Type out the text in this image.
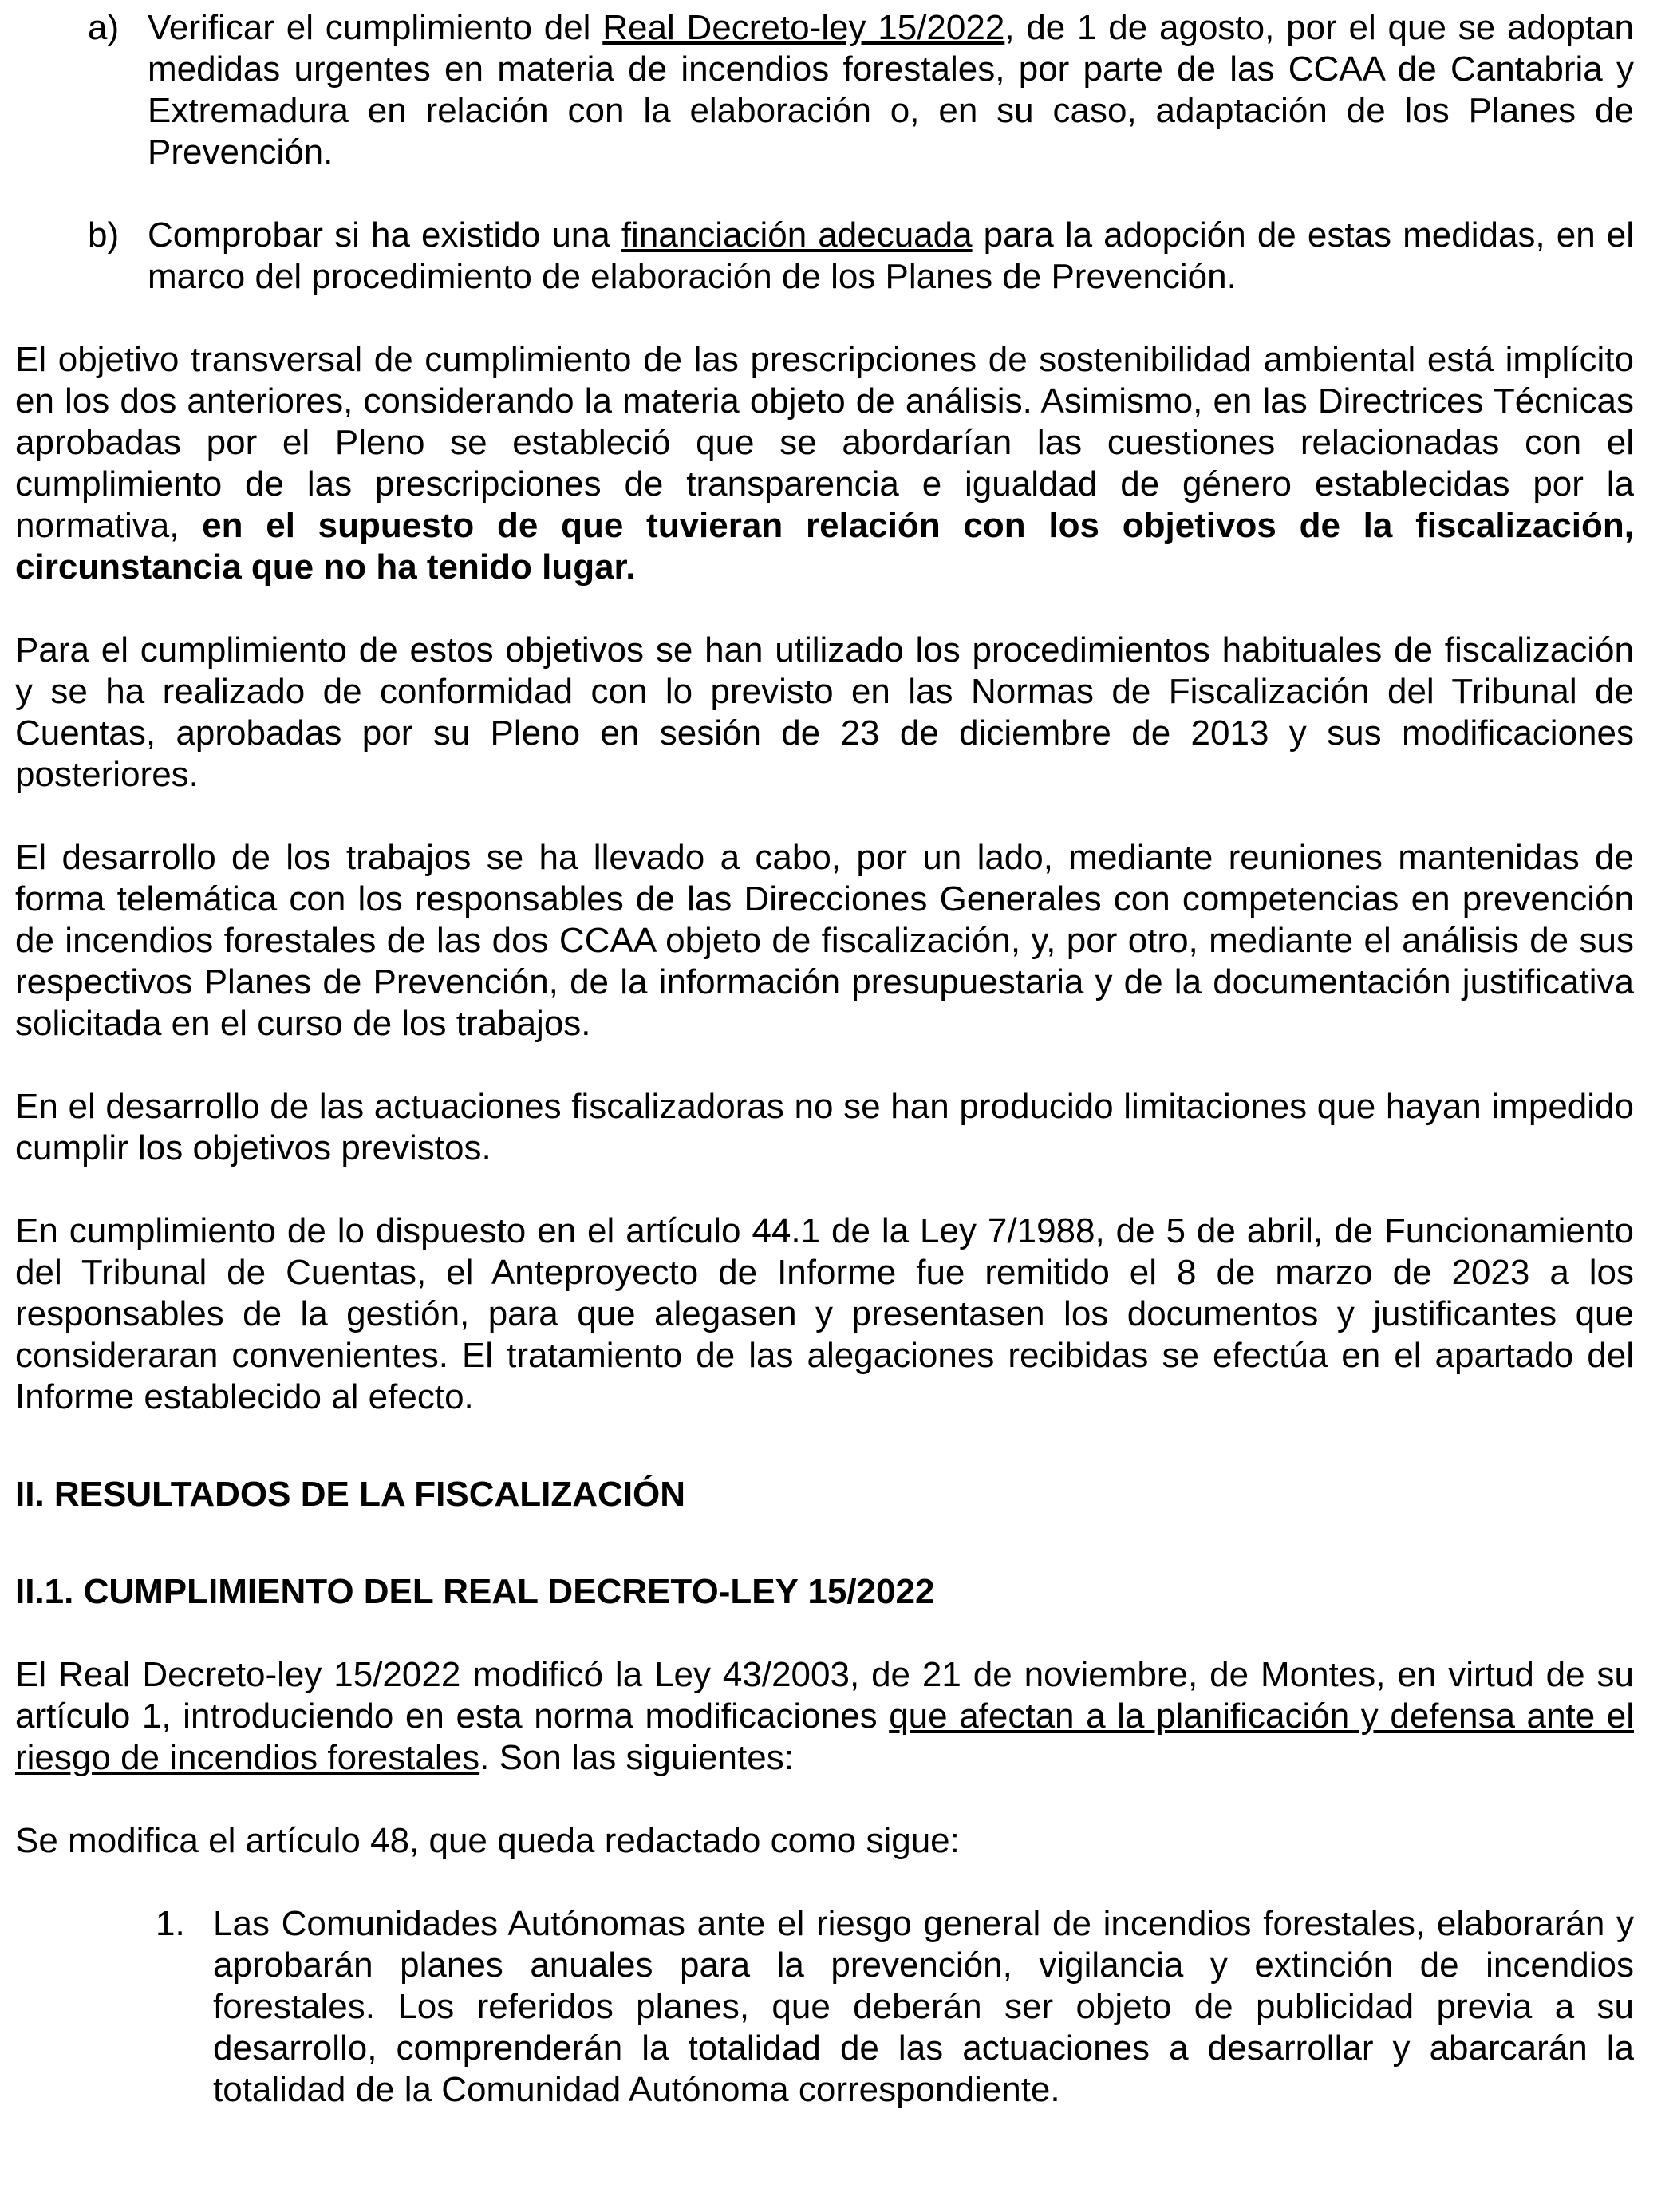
a) Verificar el cumplimiento del Real Decreto-ley 15/2022, de 1 de agosto, por el que se adoptan medidas urgentes en materia de incendios forestales, por parte de las CCAA de Cantabria y Extremadura en relación con la elaboración o, en su caso, adaptación de los Planes de Prevención.
b) Comprobar si ha existido una financiación adecuada para la adopción de estas medidas, en el marco del procedimiento de elaboración de los Planes de Prevención.

El objetivo transversal de cumplimiento de las prescripciones de sostenibilidad ambiental está implícito en los dos anteriores, considerando la materia objeto de análisis. Asimismo, en las Directrices Técnicas aprobadas por el Pleno se estableció que se abordarían las cuestiones relacionadas con el cumplimiento de las prescripciones de transparencia e igualdad de género establecidas por la normativa, en el supuesto de que tuvieran relación con los objetivos de la fiscalización, circunstancia que no ha tenido lugar.

Para el cumplimiento de estos objetivos se han utilizado los procedimientos habituales de fiscalización y se ha realizado de conformidad con lo previsto en las Normas de Fiscalización del Tribunal de Cuentas, aprobadas por su Pleno en sesión de 23 de diciembre de 2013 y sus modificaciones posteriores.

El desarrollo de los trabajos se ha llevado a cabo, por un lado, mediante reuniones mantenidas de forma telemática con los responsables de las Direcciones Generales con competencias en prevención de incendios forestales de las dos CCAA objeto de fiscalización, y, por otro, mediante el análisis de sus respectivos Planes de Prevención, de la información presupuestaria y de la documentación justificativa solicitada en el curso de los trabajos.

En el desarrollo de las actuaciones fiscalizadoras no se han producido limitaciones que hayan impedido cumplir los objetivos previstos.

En cumplimiento de lo dispuesto en el artículo 44.1 de la Ley 7/1988, de 5 de abril, de Funcionamiento del Tribunal de Cuentas, el Anteproyecto de Informe fue remitido el 8 de marzo de 2023 a los responsables de la gestión, para que alegasen y presentasen los documentos y justificantes que consideraran convenientes. El tratamiento de las alegaciones recibidas se efectúa en el apartado del Informe establecido al efecto.

II. RESULTADOS DE LA FISCALIZACIÓN
II.1. CUMPLIMIENTO DEL REAL DECRETO-LEY 15/2022

El Real Decreto-ley 15/2022 modificó la Ley 43/2003, de 21 de noviembre, de Montes, en virtud de su artículo 1, introduciendo en esta norma modificaciones que afectan a la planificación y defensa ante el riesgo de incendios forestales. Son las siguientes:

Se modifica el artículo 48, que queda redactado como sigue:

1. Las Comunidades Autónomas ante el riesgo general de incendios forestales, elaborarán y aprobarán planes anuales para la prevención, vigilancia y extinción de incendios forestales. Los referidos planes, que deberán ser objeto de publicidad previa a su desarrollo, comprenderán la totalidad de las actuaciones a desarrollar y abarcarán la totalidad de la Comunidad Autónoma correspondiente.
